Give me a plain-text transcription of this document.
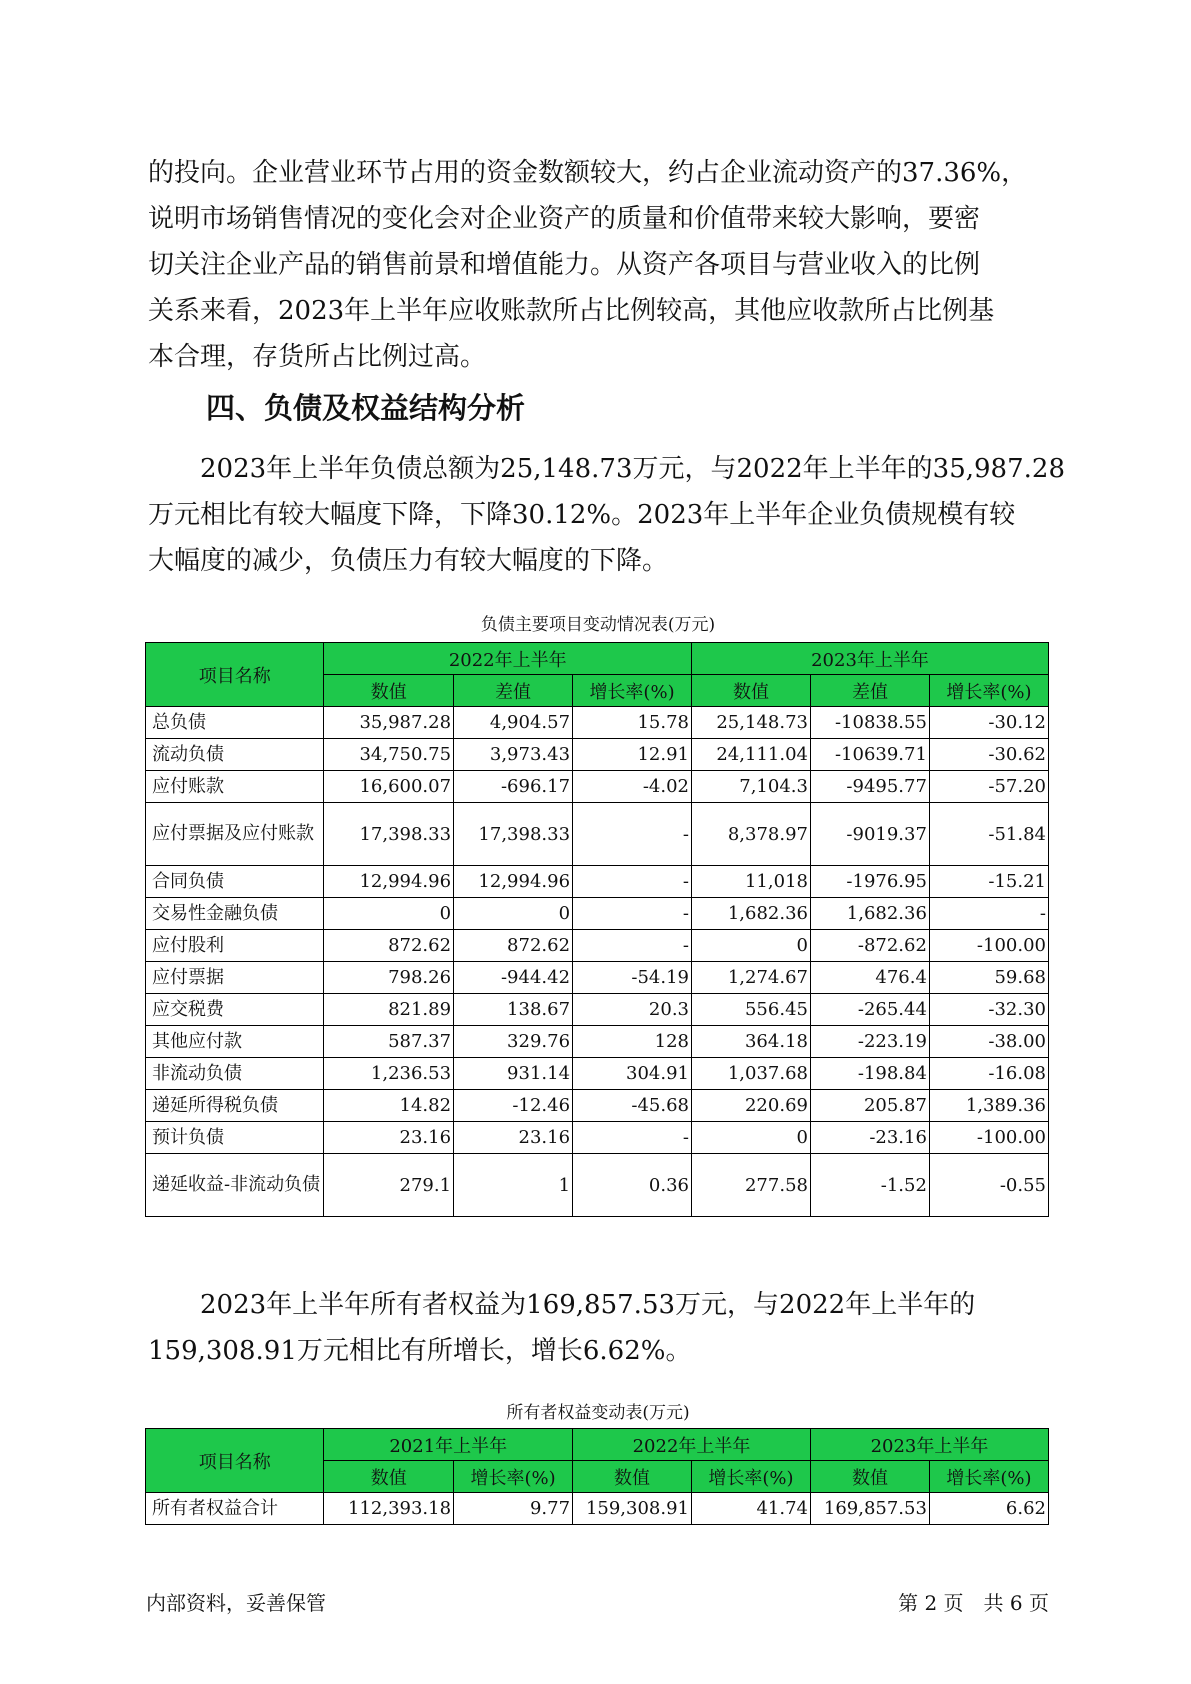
的投向。企业营业环节占用的资金数额较大，约占企业流动资产的37.36%，
说明市场销售情况的变化会对企业资产的质量和价值带来较大影响，要密
切关注企业产品的销售前景和增值能力。从资产各项目与营业收入的比例
关系来看，2023年上半年应收账款所占比例较高，其他应收款所占比例基
本合理，存货所占比例过高。

四、负债及权益结构分析

　　2023年上半年负债总额为25,148.73万元，与2022年上半年的35,987.28
万元相比有较大幅度下降，下降30.12%。2023年上半年企业负债规模有较
大幅度的减少，负债压力有较大幅度的下降。

负债主要项目变动情况表(万元)
项目名称	2022年上半年			2023年上半年		
	数值	差值	增长率(%)	数值	差值	增长率(%)
总负债	35,987.28	4,904.57	15.78	25,148.73	-10838.55	-30.12
流动负债	34,750.75	3,973.43	12.91	24,111.04	-10639.71	-30.62
应付账款	16,600.07	-696.17	-4.02	7,104.3	-9495.77	-57.20
应付票据及应付账款	17,398.33	17,398.33	-	8,378.97	-9019.37	-51.84
合同负债	12,994.96	12,994.96	-	11,018	-1976.95	-15.21
交易性金融负债	0	0	-	1,682.36	1,682.36	-
应付股利	872.62	872.62	-	0	-872.62	-100.00
应付票据	798.26	-944.42	-54.19	1,274.67	476.4	59.68
应交税费	821.89	138.67	20.3	556.45	-265.44	-32.30
其他应付款	587.37	329.76	128	364.18	-223.19	-38.00
非流动负债	1,236.53	931.14	304.91	1,037.68	-198.84	-16.08
递延所得税负债	14.82	-12.46	-45.68	220.69	205.87	1,389.36
预计负债	23.16	23.16	-	0	-23.16	-100.00
递延收益-非流动负债	279.1	1	0.36	277.58	-1.52	-0.55

　　2023年上半年所有者权益为169,857.53万元，与2022年上半年的
159,308.91万元相比有所增长，增长6.62%。

所有者权益变动表(万元)
项目名称	2021年上半年		2022年上半年		2023年上半年	
	数值	增长率(%)	数值	增长率(%)	数值	增长率(%)
所有者权益合计	112,393.18	9.77	159,308.91	41.74	169,857.53	6.62
内部资料，妥善保管	第 2 页　共 6 页
